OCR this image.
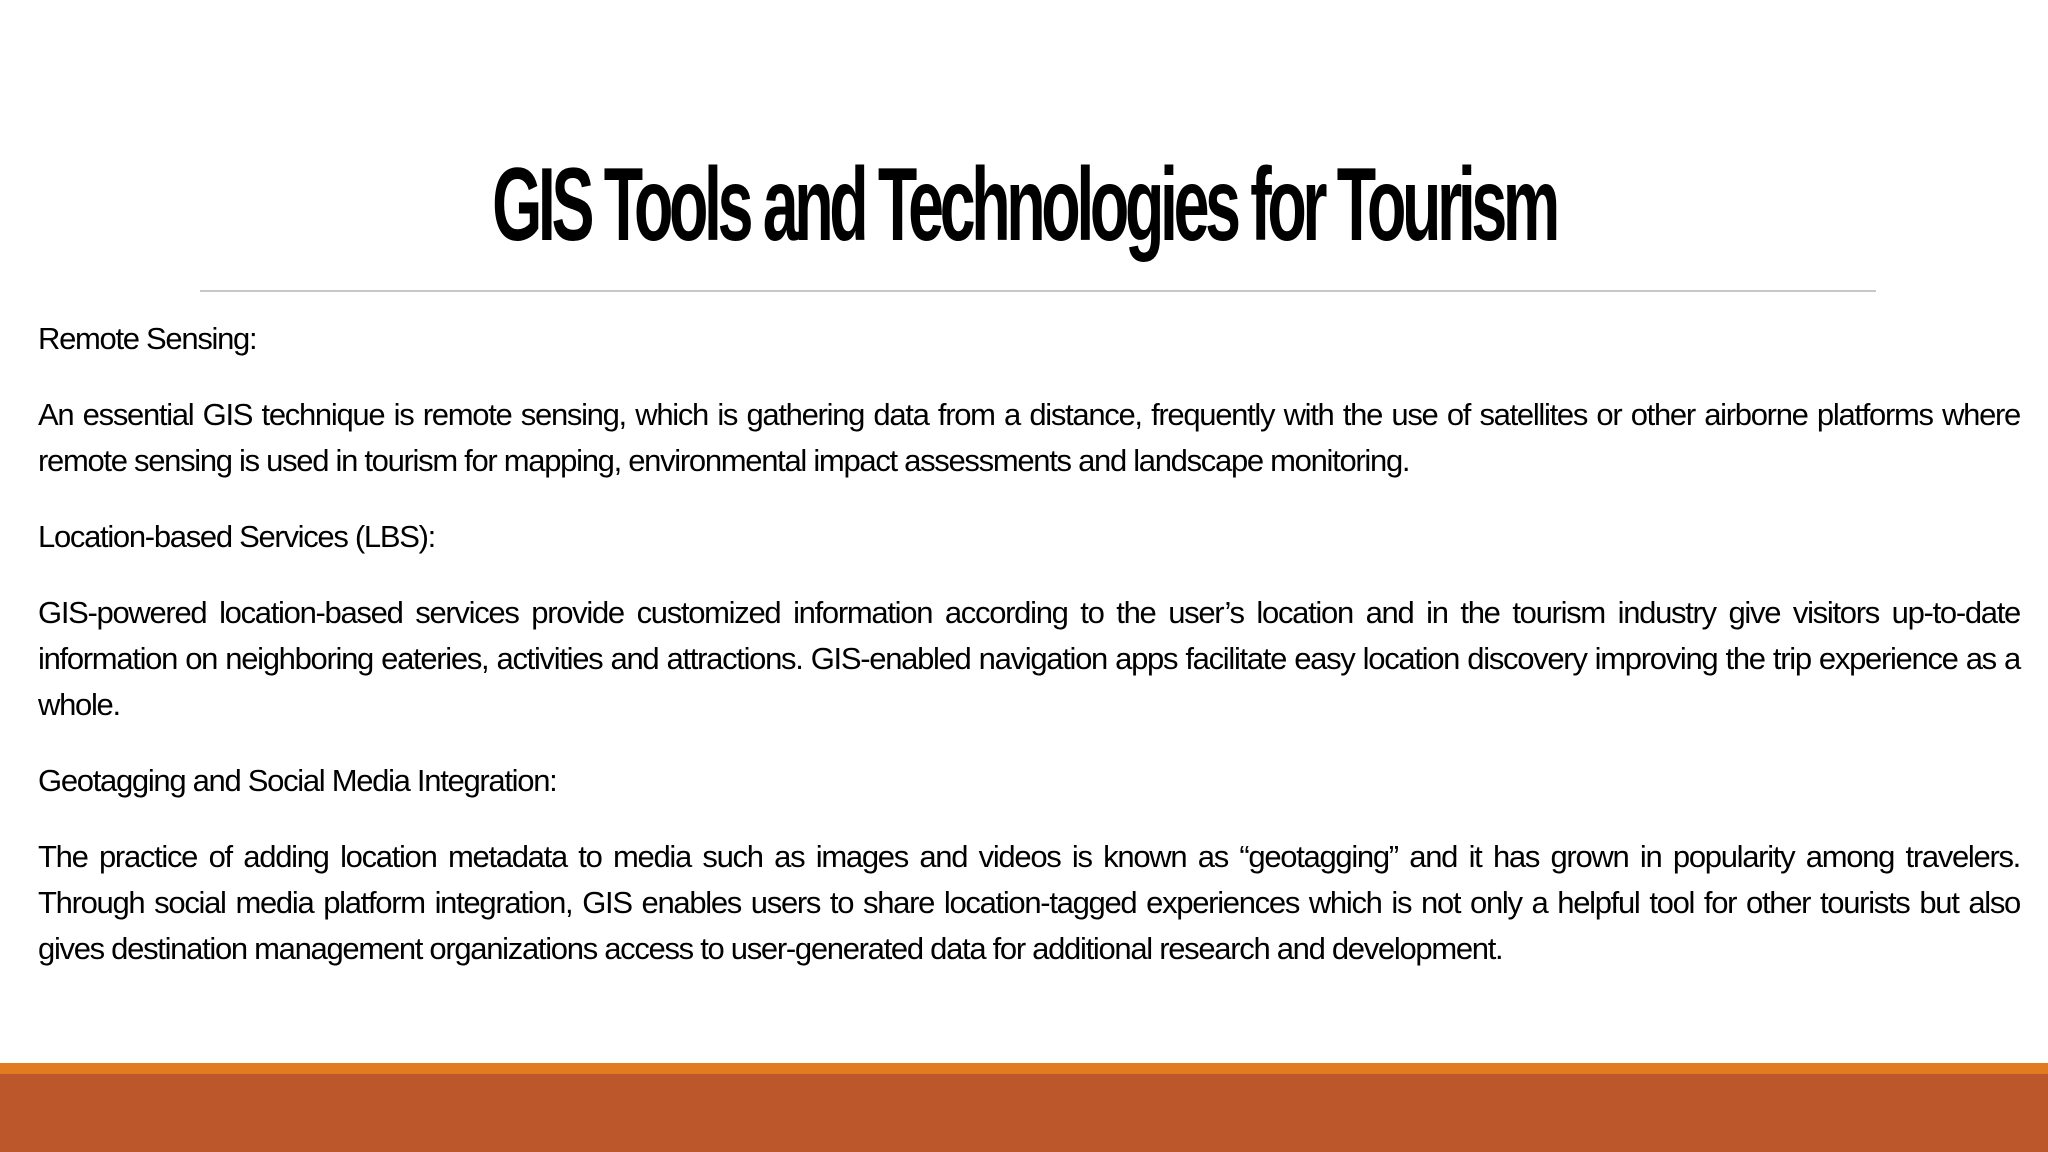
GIS Tools and Technologies for Tourism

Remote Sensing:

An essential GIS technique is remote sensing, which is gathering data from a distance, frequently with the use of satellites or other airborne platforms where remote sensing is used in tourism for mapping, environmental impact assessments and landscape monitoring.

Location-based Services (LBS):

GIS-powered location-based services provide customized information according to the user’s location and in the tourism industry give visitors up-to-date information on neighboring eateries, activities and attractions. GIS-enabled navigation apps facilitate easy location discovery improving the trip experience as a whole.

Geotagging and Social Media Integration:

The practice of adding location metadata to media such as images and videos is known as “geotagging” and it has grown in popularity among travelers. Through social media platform integration, GIS enables users to share location-tagged experiences which is not only a helpful tool for other tourists but also gives destination management organizations access to user-generated data for additional research and development.
